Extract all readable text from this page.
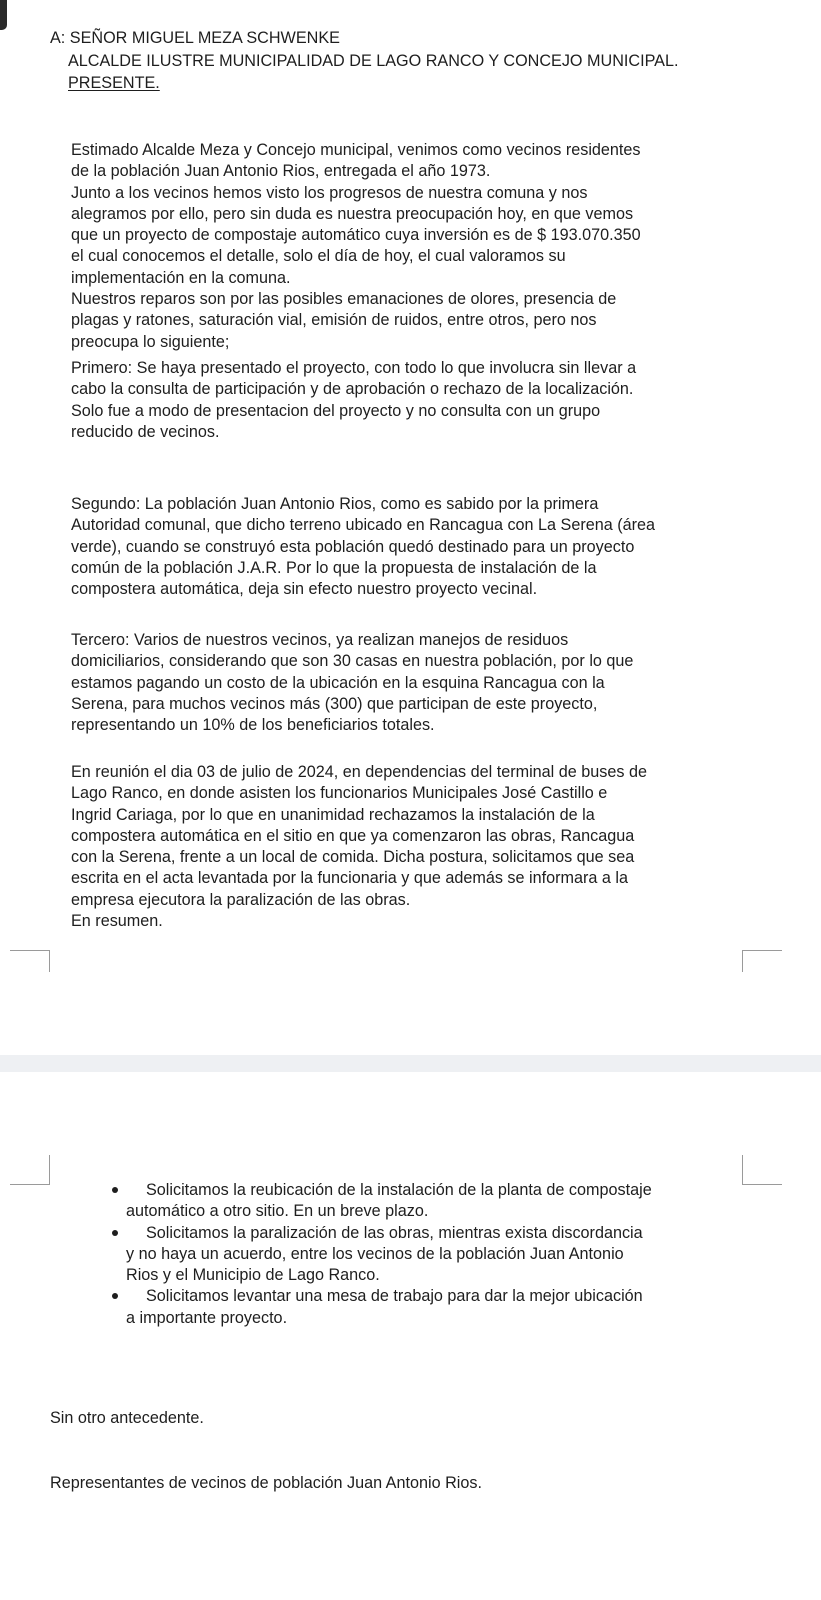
A: SEÑOR MIGUEL MEZA SCHWENKE
ALCALDE ILUSTRE MUNICIPALIDAD DE LAGO RANCO Y CONCEJO MUNICIPAL.
PRESENTE.

Estimado Alcalde Meza y Concejo municipal, venimos como vecinos residentes

de la población Juan Antonio Rios, entregada el año 1973.

Junto a los vecinos hemos visto los progresos de nuestra comuna y nos

alegramos por ello, pero sin duda es nuestra preocupación hoy, en que vemos

que un proyecto de compostaje automático cuya inversión es de $ 193.070.350

el cual conocemos el detalle, solo el día de hoy, el cual valoramos su

implementación en la comuna.

Nuestros reparos son por las posibles emanaciones de olores, presencia de

plagas y ratones, saturación vial, emisión de ruidos, entre otros, pero nos

preocupa lo siguiente;

Primero: Se haya presentado el proyecto, con todo lo que involucra sin llevar a

cabo la consulta de participación y de aprobación o rechazo de la localización.

Solo fue a modo de presentacion del proyecto y no consulta con un grupo

reducido de vecinos.

Segundo: La población Juan Antonio Rios, como es sabido por la primera

Autoridad comunal, que dicho terreno ubicado en Rancagua con La Serena (área

verde), cuando se construyó esta población quedó destinado para un proyecto

común de la población J.A.R. Por lo que la propuesta de instalación de la

compostera automática, deja sin efecto nuestro proyecto vecinal.

Tercero: Varios de nuestros vecinos, ya realizan manejos de residuos

domiciliarios, considerando que son 30 casas en nuestra población, por lo que

estamos pagando un costo de la ubicación en la esquina Rancagua con la

Serena, para muchos vecinos más (300) que participan de este proyecto,

representando un 10% de los beneficiarios totales.

En reunión el dia 03 de julio de 2024, en dependencias del terminal de buses de

Lago Ranco, en donde asisten los funcionarios Municipales José Castillo e

Ingrid Cariaga, por lo que en unanimidad rechazamos la instalación de la

compostera automática en el sitio en que ya comenzaron las obras, Rancagua

con la Serena, frente a un local de comida. Dicha postura, solicitamos que sea

escrita en el acta levantada por la funcionaria y que además se informara a la

empresa ejecutora la paralización de las obras.

En resumen.

Solicitamos la reubicación de la instalación de la planta de compostaje
automático a otro sitio. En un breve plazo.
Solicitamos la paralización de las obras, mientras exista discordancia
y no haya un acuerdo, entre los vecinos de la población Juan Antonio
Rios y el Municipio de Lago Ranco.
Solicitamos levantar una mesa de trabajo para dar la mejor ubicación
a importante proyecto.
Sin otro antecedente.
Representantes de vecinos de población Juan Antonio Rios.
